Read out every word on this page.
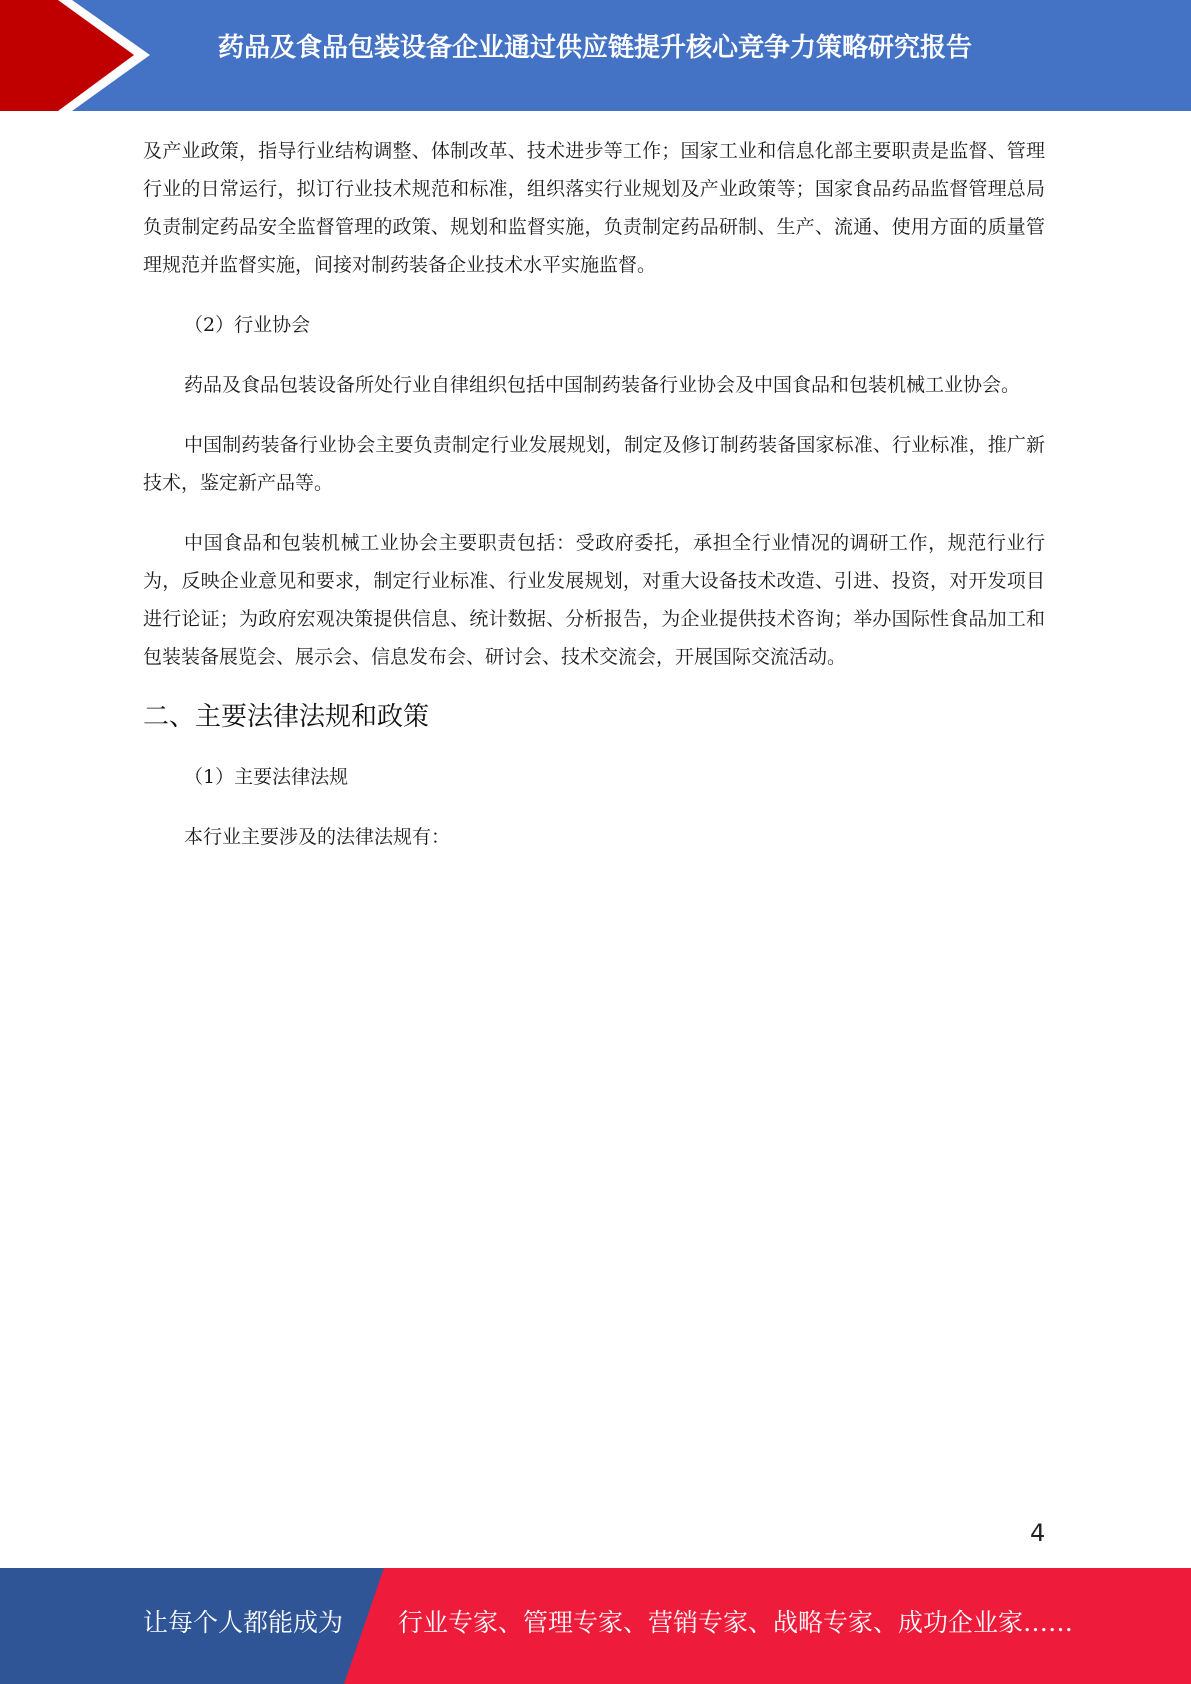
药品及食品包装设备企业通过供应链提升核心竞争力策略研究报告

及产业政策，指导行业结构调整、体制改革、技术进步等工作；国家工业和信息化部主要职责是监督、管理行业的日常运行，拟订行业技术规范和标准，组织落实行业规划及产业政策等；国家食品药品监督管理总局负责制定药品安全监督管理的政策、规划和监督实施，负责制定药品研制、生产、流通、使用方面的质量管理规范并监督实施，间接对制药装备企业技术水平实施监督。

（2）行业协会

药品及食品包装设备所处行业自律组织包括中国制药装备行业协会及中国食品和包装机械工业协会。

中国制药装备行业协会主要负责制定行业发展规划，制定及修订制药装备国家标准、行业标准，推广新技术，鉴定新产品等。

中国食品和包装机械工业协会主要职责包括：受政府委托，承担全行业情况的调研工作，规范行业行为，反映企业意见和要求，制定行业标准、行业发展规划，对重大设备技术改造、引进、投资，对开发项目进行论证；为政府宏观决策提供信息、统计数据、分析报告，为企业提供技术咨询；举办国际性食品加工和包装装备展览会、展示会、信息发布会、研讨会、技术交流会，开展国际交流活动。

二、主要法律法规和政策

（1）主要法律法规

本行业主要涉及的法律法规有：

4
让每个人都能成为 行业专家、管理专家、营销专家、战略专家、成功企业家……
